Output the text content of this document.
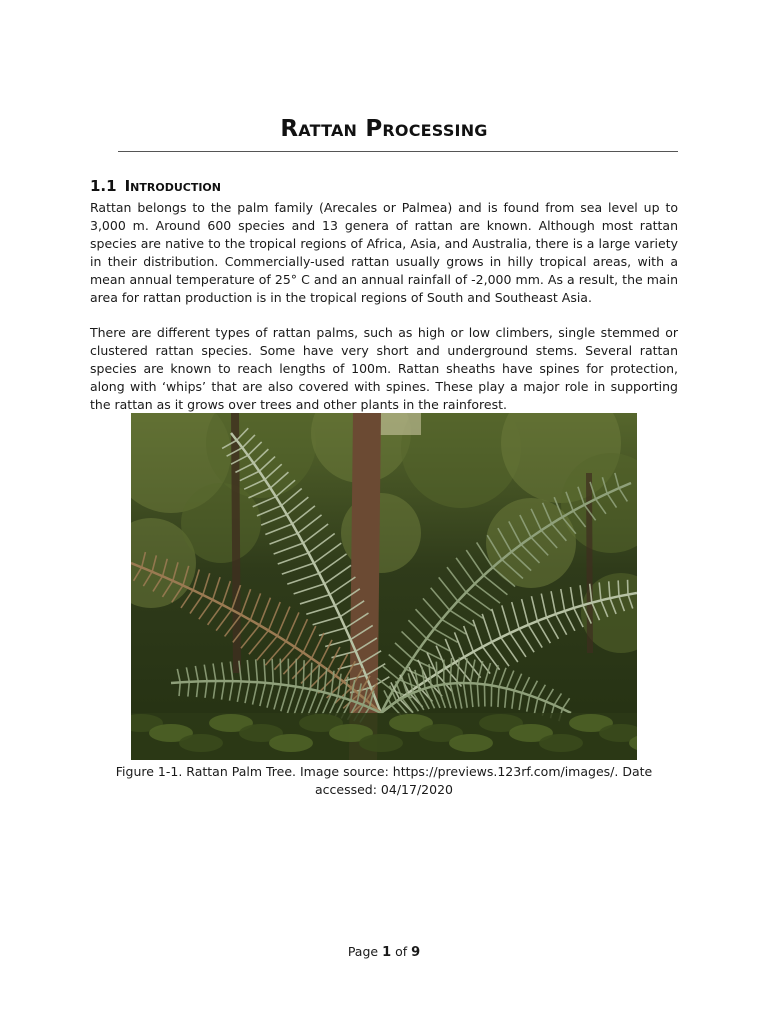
Rattan Processing
1.1 Introduction

Rattan belongs to the palm family (Arecales or Palmea) and is found from sea level up to 3,000 m. Around 600 species and 13 genera of rattan are known. Although most rattan species are native to the tropical regions of Africa, Asia, and Australia, there is a large variety in their distribution. Commercially-used rattan usually grows in hilly tropical areas, with a mean annual temperature of 25° C and an annual rainfall of -2,000 mm. As a result, the main area for rattan production is in the tropical regions of South and Southeast Asia.

There are different types of rattan palms, such as high or low climbers, single stemmed or clustered rattan species. Some have very short and underground stems. Several rattan species are known to reach lengths of 100m. Rattan sheaths have spines for protection, along with ‘whips’ that are also covered with spines. These play a major role in supporting the rattan as it grows over trees and other plants in the rainforest.

Figure 1-1. Rattan Palm Tree. Image source: https://previews.123rf.com/images/. Date accessed: 04/17/2020

Page 1 of 9
